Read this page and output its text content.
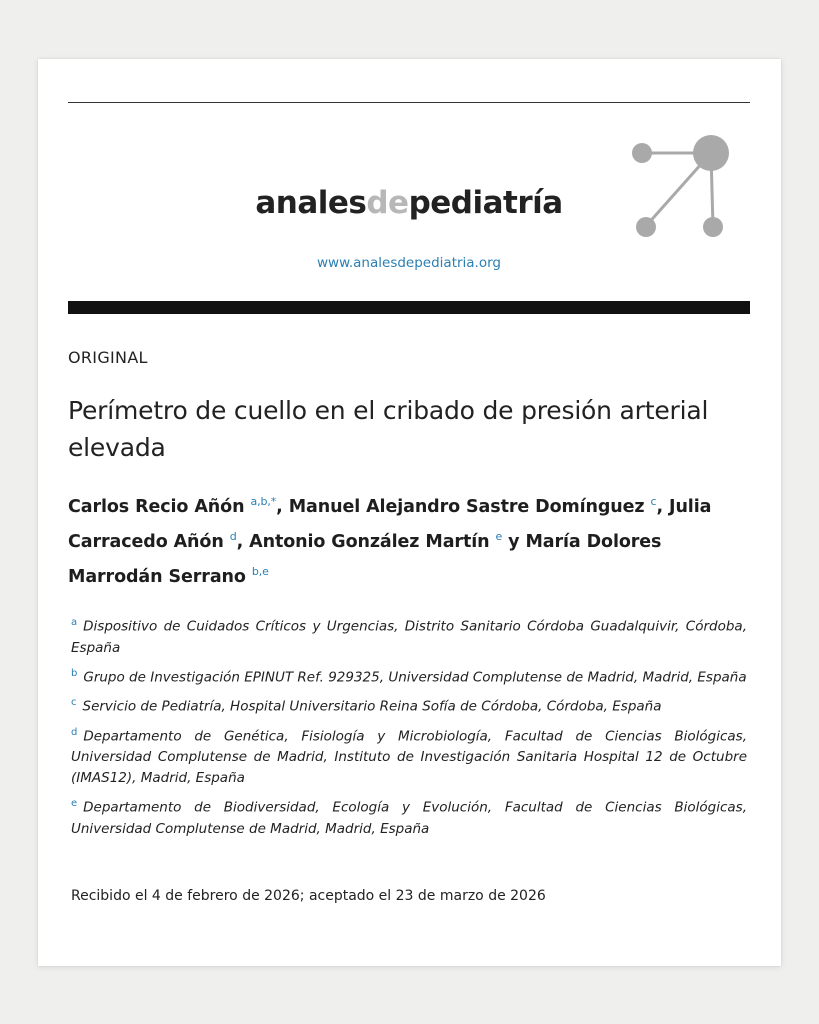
analesdepediatría
www.analesdepediatria.org
ORIGINAL
Perímetro de cuello en el cribado de presión arterial elevada
Carlos Recio Añón $^{a,b,*}$, Manuel Alejandro Sastre Domínguez $^c$, Julia Carracedo Añón $^d$, Antonio González Martín $^e$ y María Dolores Marrodán Serrano $^{b,e}$
$^a$ Dispositivo de Cuidados Críticos y Urgencias, Distrito Sanitario Córdoba Guadalquivir, Córdoba, España
$^b$ Grupo de Investigación EPINUT Ref. 929325, Universidad Complutense de Madrid, Madrid, España
$^c$ Servicio de Pediatría, Hospital Universitario Reina Sofía de Córdoba, Córdoba, España
$^d$ Departamento de Genética, Fisiología y Microbiología, Facultad de Ciencias Biológicas, Universidad Complutense de Madrid, Instituto de Investigación Sanitaria Hospital 12 de Octubre (IMAS12), Madrid, España
$^e$ Departamento de Biodiversidad, Ecología y Evolución, Facultad de Ciencias Biológicas, Universidad Complutense de Madrid, Madrid, España
Recibido el 4 de febrero de 2026; aceptado el 23 de marzo de 2026
